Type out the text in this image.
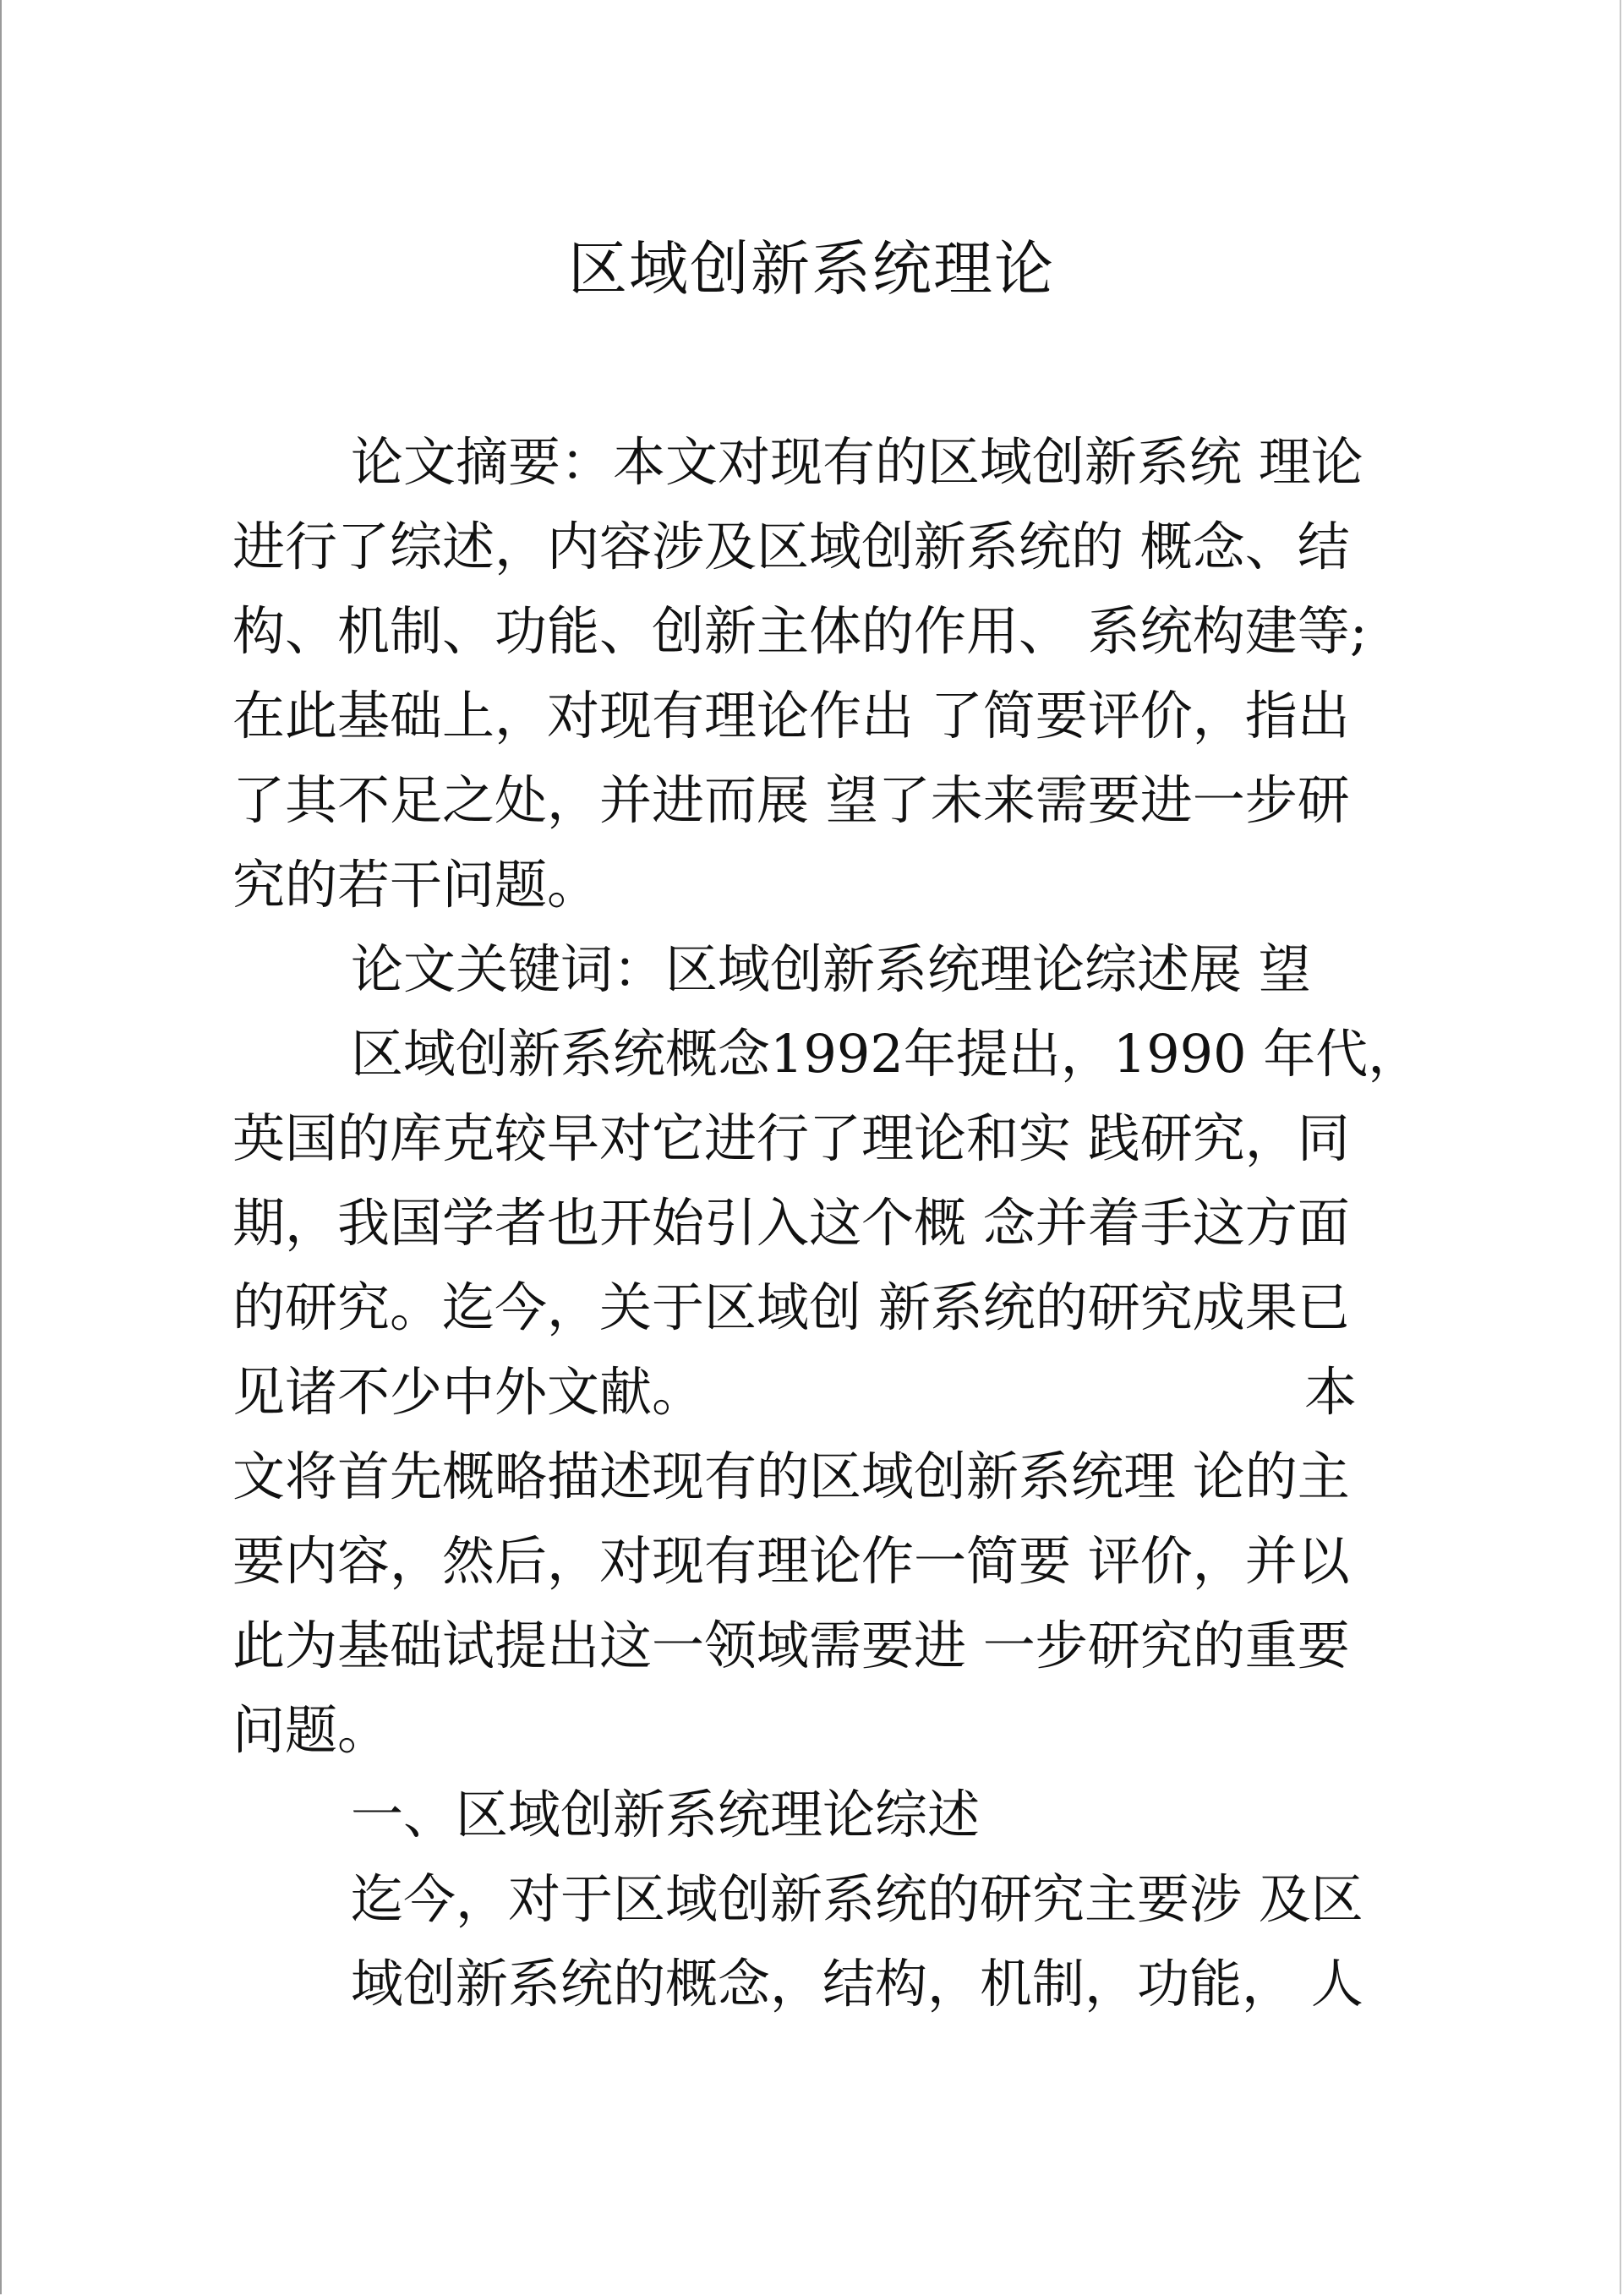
区域创新系统理论
论文摘要：本文对现有的区域创新系统 理论
进行了综述，内容涉及区域创新系统的 概念、结
构、机制、功能、创新主体的作用、 系统构建等;
在此基础上，对现有理论作出 了简要评价，指出
了其不足之处，并进而展 望了未来需要进一步研
究的若干问题。
论文关键词：区域创新系统理论综述展 望
区域创新系统概念1992年提出，1990 年代，
英国的库克较早对它进行了理论和实 践研究，同
期，我国学者也开始引入这个概 念并着手这方面
的研究。迄今，关于区域创 新系统的研究成果已
见诸不少中外文献。	本
文将首先概略描述现有的区域创新系统理 论的主
要内容，然后，对现有理论作一简要 评价，并以
此为基础试提出这一领域需要进 一步研究的重要
问题。
一、区域创新系统理论综述
迄今，对于区域创新系统的研究主要涉 及区
域创新系统的概念，结构，机制，功能， 人
